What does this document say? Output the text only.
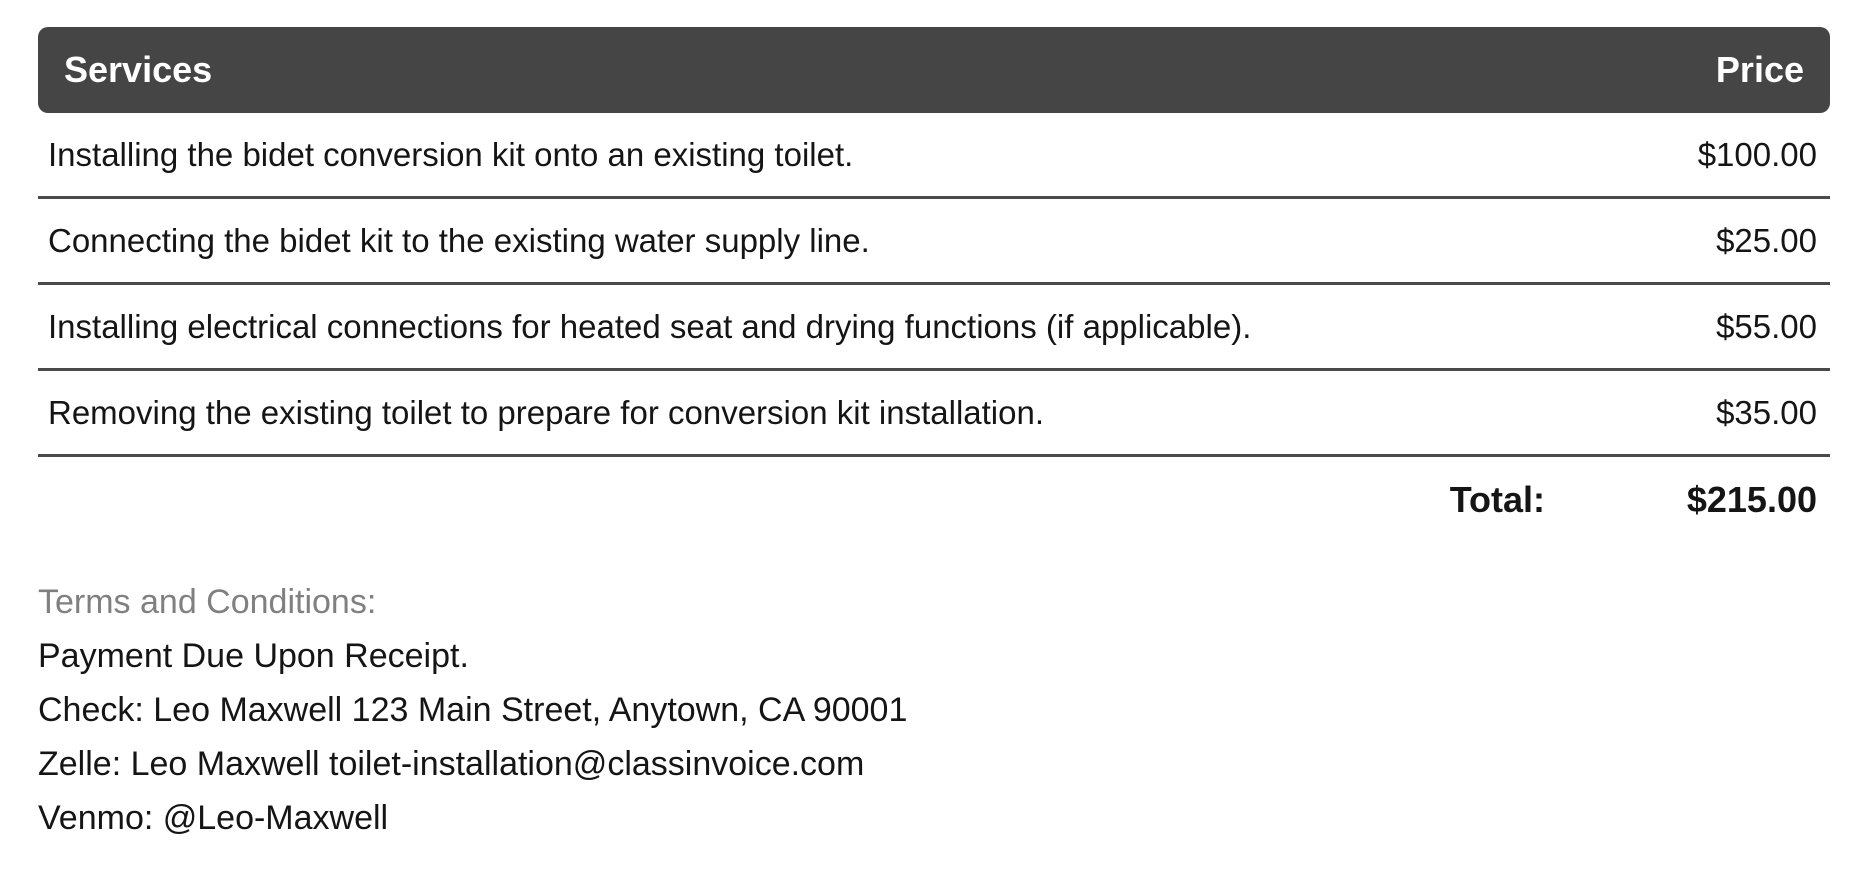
Services	Price
Installing the bidet conversion kit onto an existing toilet.	$100.00
Connecting the bidet kit to the existing water supply line.	$25.00
Installing electrical connections for heated seat and drying functions (if applicable).	$55.00
Removing the existing toilet to prepare for conversion kit installation.	$35.00
Total:	$215.00
Terms and Conditions:
Payment Due Upon Receipt.
Check: Leo Maxwell 123 Main Street, Anytown, CA 90001
Zelle: Leo Maxwell toilet-installation@classinvoice.com
Venmo: @Leo-Maxwell
